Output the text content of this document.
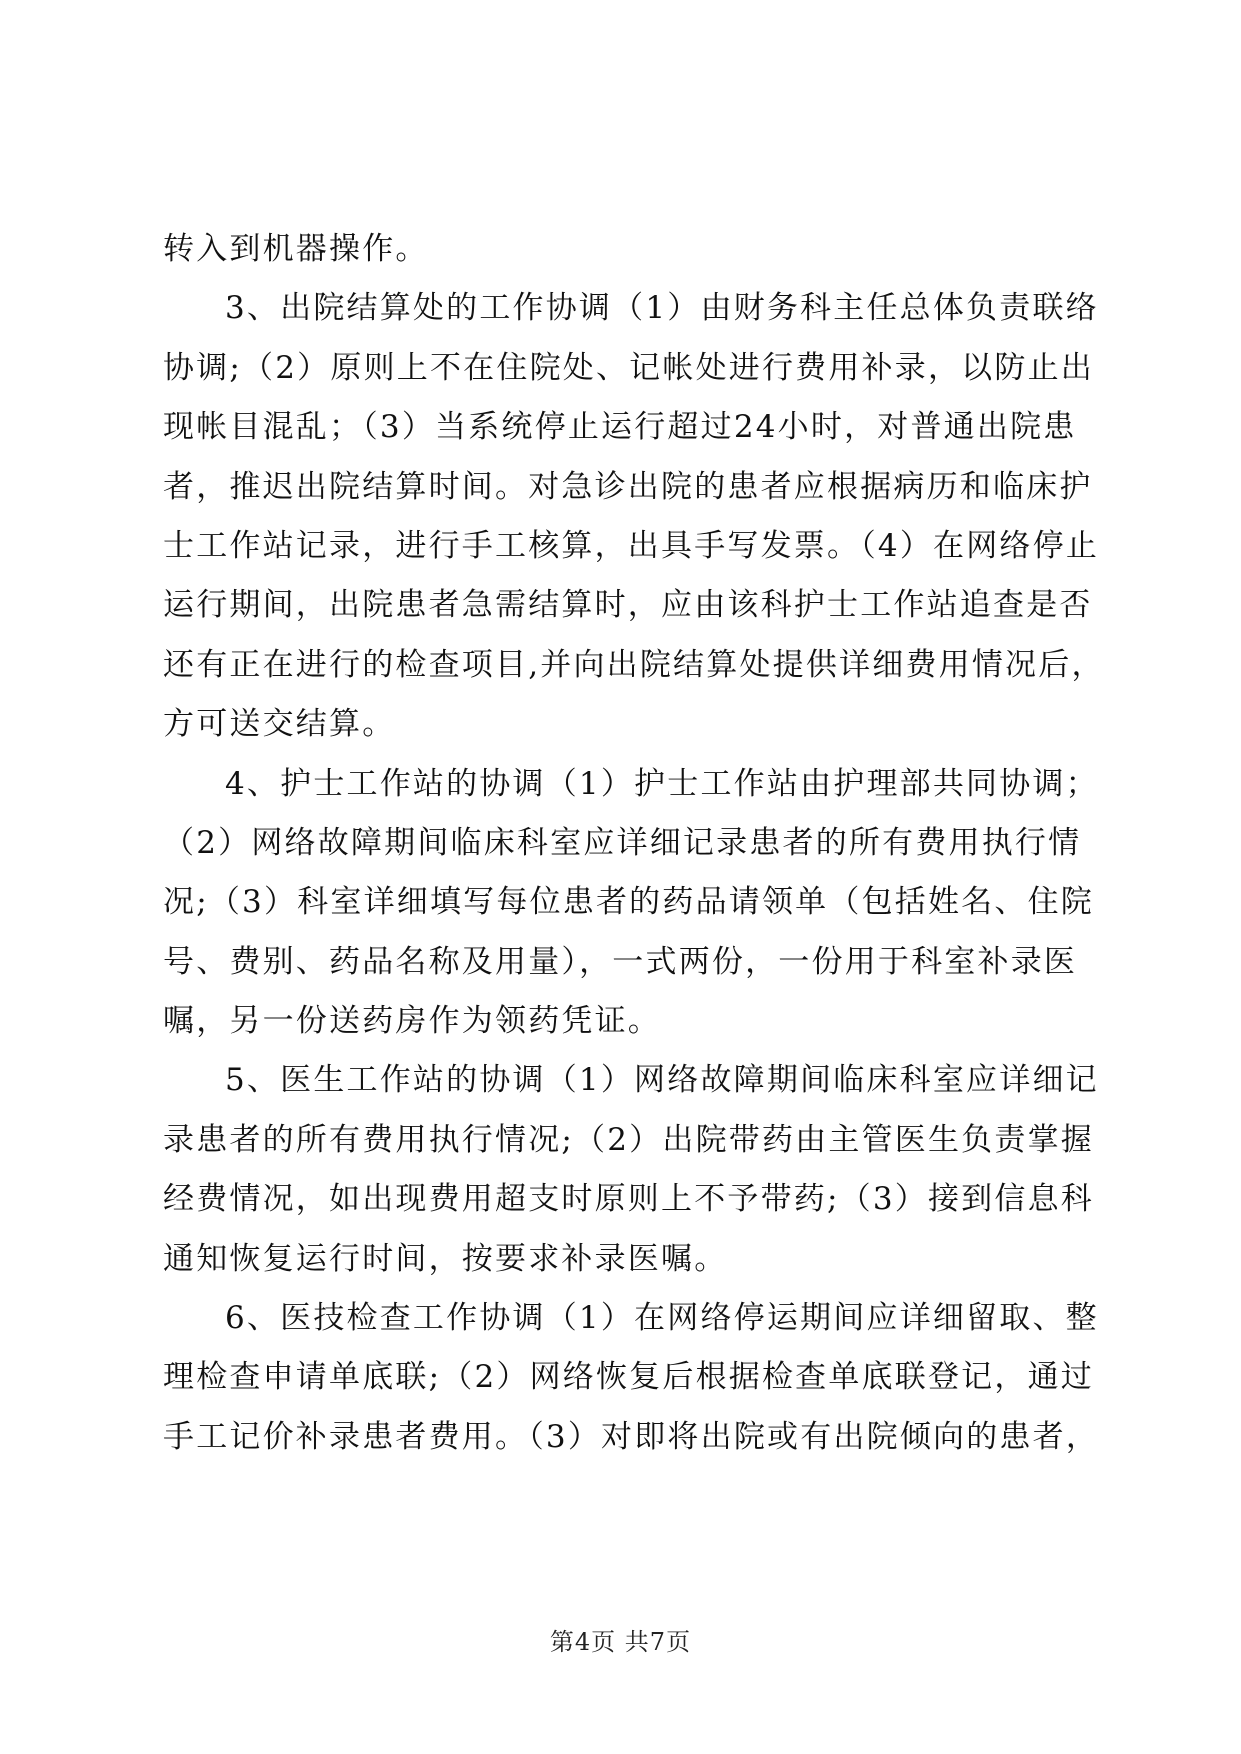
转入到机器操作。
3、出院结算处的工作协调（1）由财务科主任总体负责联络
协调;（2）原则上不在住院处、记帐处进行费用补录，以防止出
现帐目混乱；（3）当系统停止运行超过24小时，对普通出院患
者，推迟出院结算时间。对急诊出院的患者应根据病历和临床护
士工作站记录，进行手工核算，出具手写发票。（4）在网络停止
运行期间，出院患者急需结算时，应由该科护士工作站追查是否
还有正在进行的检查项目,并向出院结算处提供详细费用情况后，
方可送交结算。
4、护士工作站的协调（1）护士工作站由护理部共同协调；
（2）网络故障期间临床科室应详细记录患者的所有费用执行情
况;（3）科室详细填写每位患者的药品请领单（包括姓名、住院
号、费别、药品名称及用量），一式两份，一份用于科室补录医
嘱，另一份送药房作为领药凭证。
5、医生工作站的协调（1）网络故障期间临床科室应详细记
录患者的所有费用执行情况;（2）出院带药由主管医生负责掌握
经费情况，如出现费用超支时原则上不予带药;（3）接到信息科
通知恢复运行时间，按要求补录医嘱。
6、医技检查工作协调（1）在网络停运期间应详细留取、整
理检查申请单底联;（2）网络恢复后根据检查单底联登记，通过
手工记价补录患者费用。（3）对即将出院或有出院倾向的患者，
第4页 共7页
